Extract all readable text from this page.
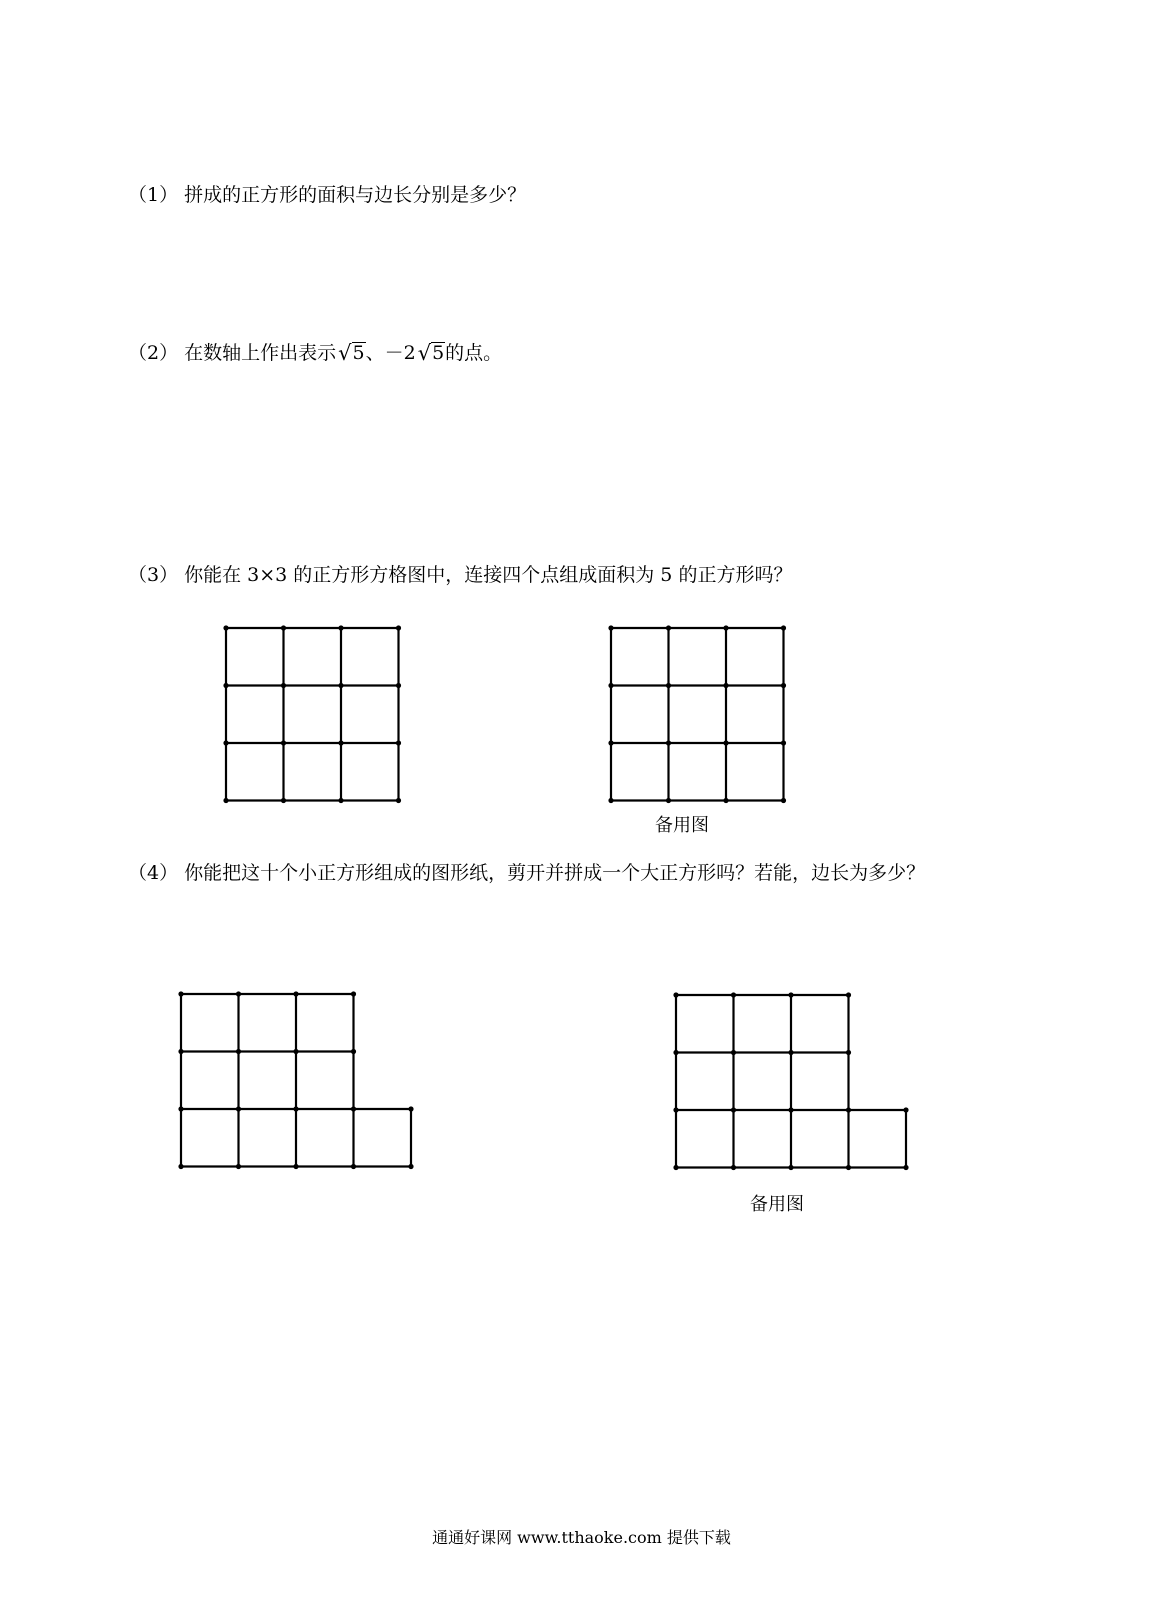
（1） 拼成的正方形的面积与边长分别是多少？
（2） 在数轴上作出表示√5、－2√5的点。
（3） 你能在 3×3 的正方形方格图中，连接四个点组成面积为 5 的正方形吗？
备用图
（4） 你能把这十个小正方形组成的图形纸，剪开并拼成一个大正方形吗？若能，边长为多少？
备用图
通通好课网 www.tthaoke.com 提供下载
